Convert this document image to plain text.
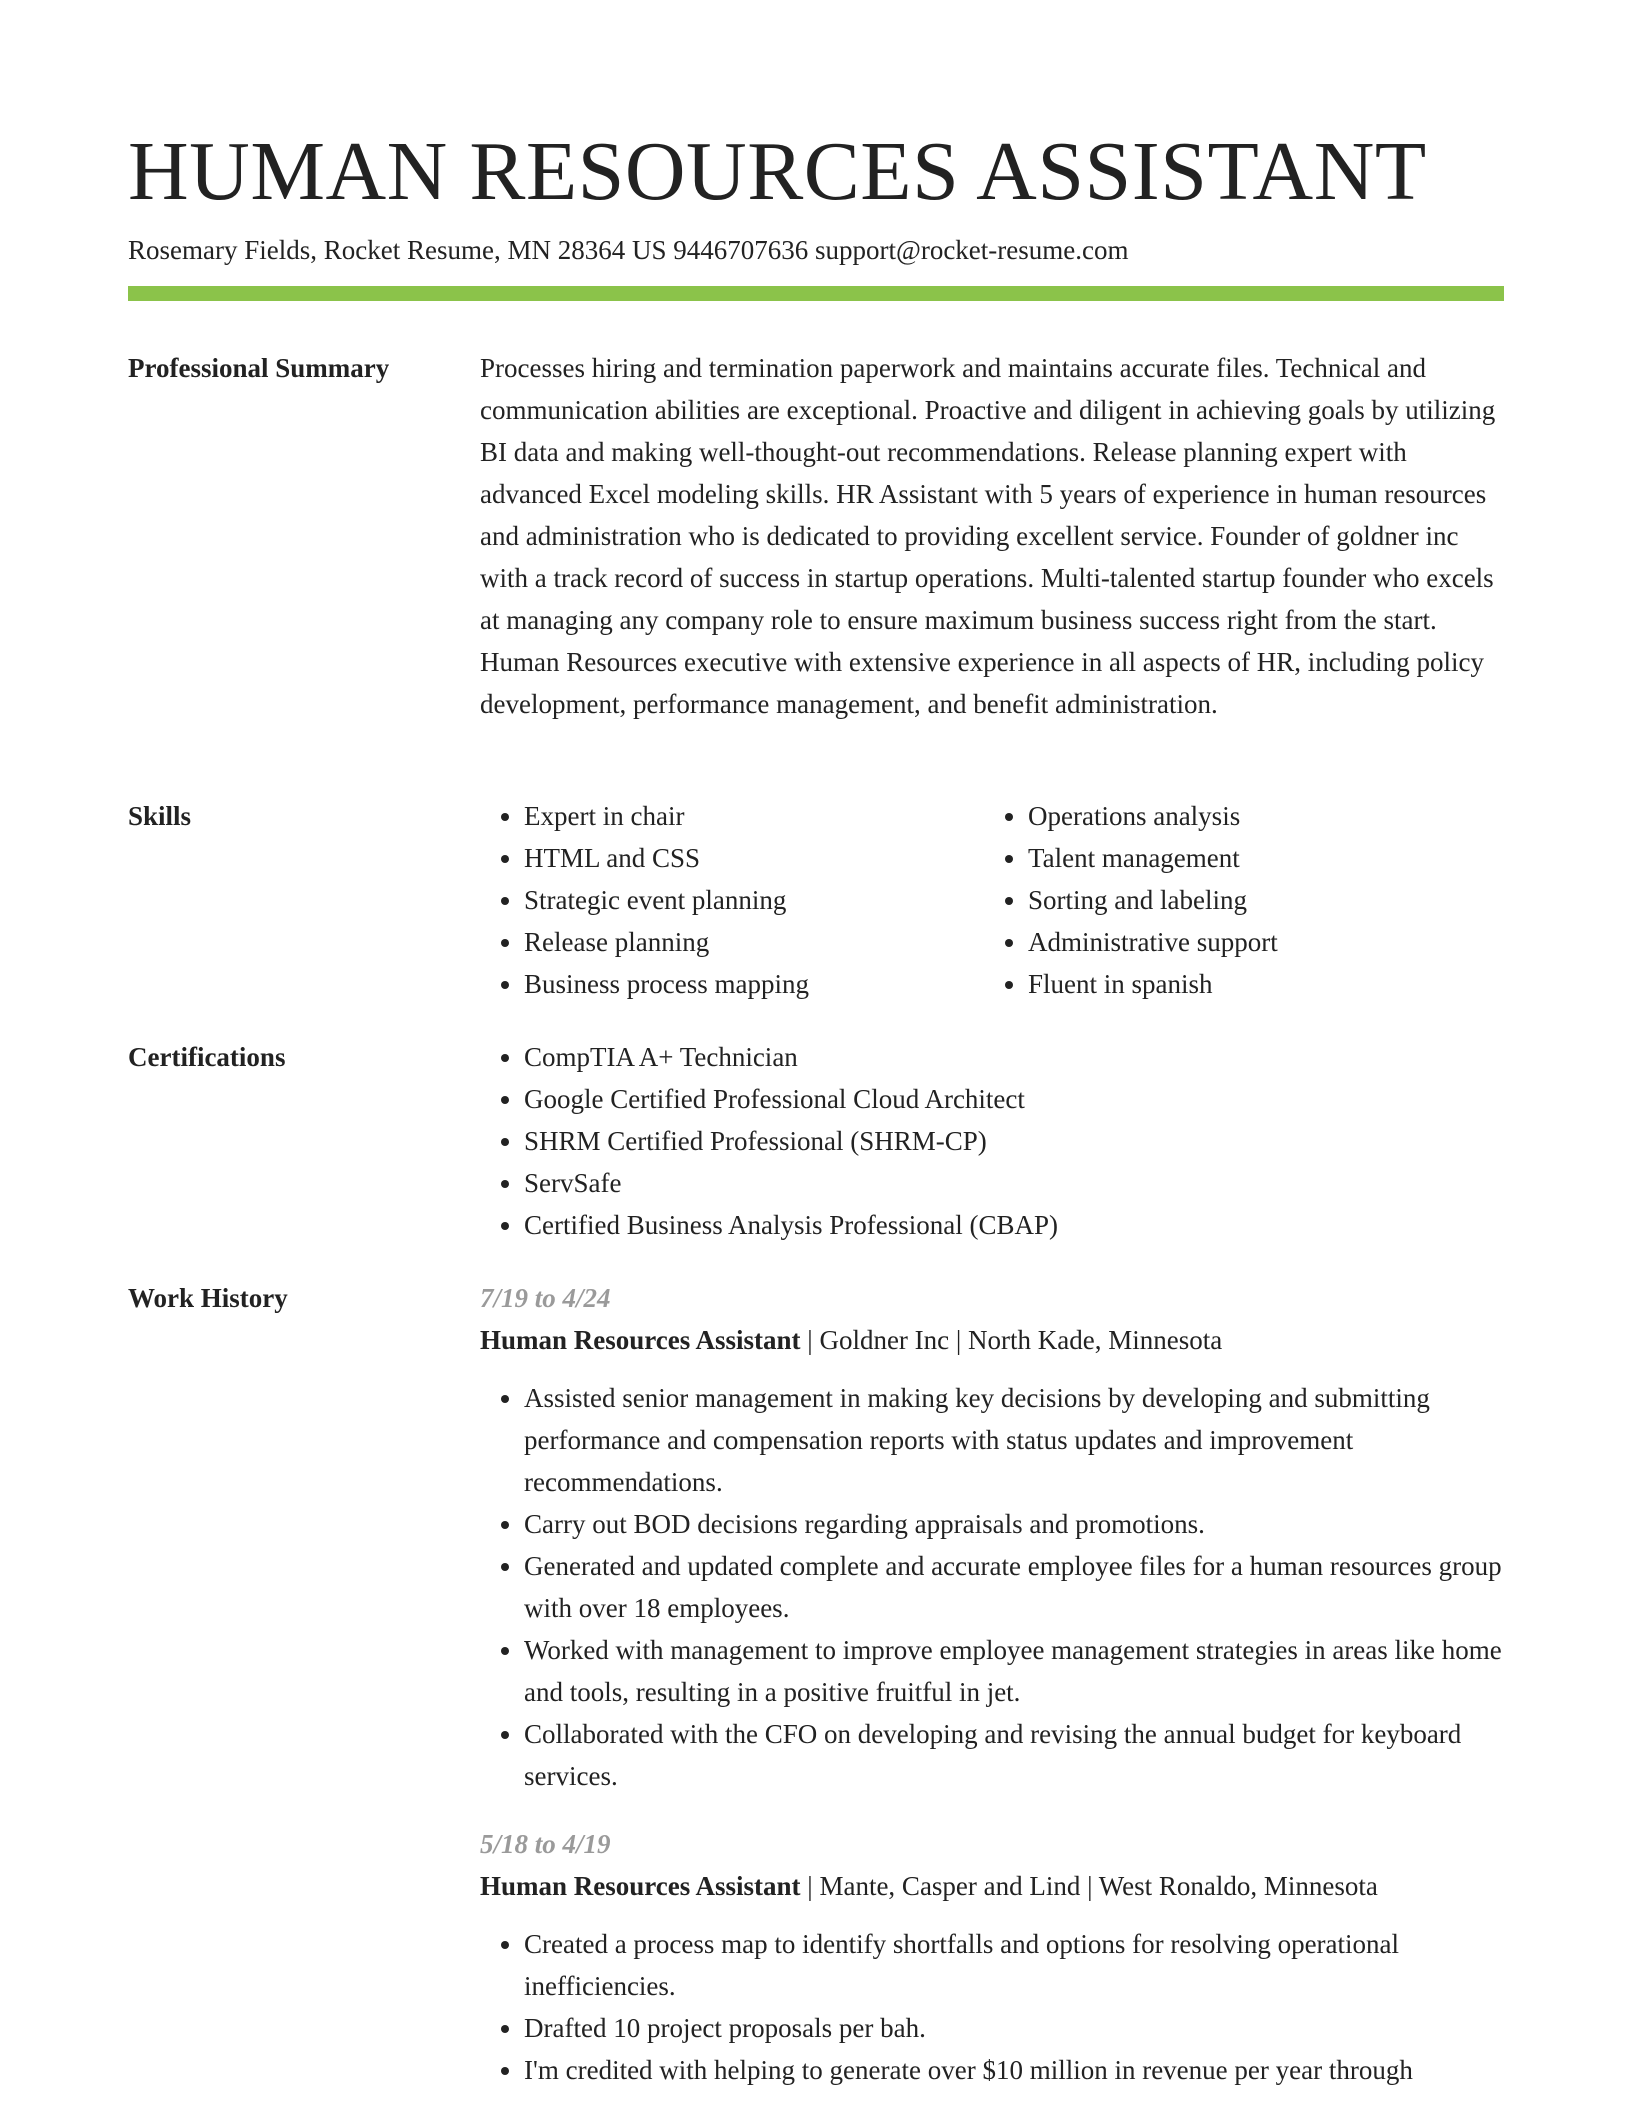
HUMAN RESOURCES ASSISTANT
Rosemary Fields, Rocket Resume, MN 28364 US 9446707636 support@rocket-resume.com
Professional Summary	Processes hiring and termination paperwork and maintains accurate files. Technical and communication abilities are exceptional. Proactive and diligent in achieving goals by utilizing BI data and making well-thought-out recommendations. Release planning expert with advanced Excel modeling skills. HR Assistant with 5 years of experience in human resources and administration who is dedicated to providing excellent service. Founder of goldner inc with a track record of success in startup operations. Multi-talented startup founder who excels at managing any company role to ensure maximum business success right from the start. Human Resources executive with extensive experience in all aspects of HR, including policy development, performance management, and benefit administration.

Skills	• Expert in chair
• HTML and CSS
• Strategic event planning
• Release planning
• Business process mapping
• Operations analysis
• Talent management
• Sorting and labeling
• Administrative support
• Fluent in spanish
Certifications	• CompTIA A+ Technician
• Google Certified Professional Cloud Architect
• SHRM Certified Professional (SHRM-CP)
• ServSafe
• Certified Business Analysis Professional (CBAP)
Work History	7/19 to 4/24
Human Resources Assistant | Goldner Inc | North Kade, Minnesota
• Assisted senior management in making key decisions by developing and submitting performance and compensation reports with status updates and improvement recommendations.
• Carry out BOD decisions regarding appraisals and promotions.
• Generated and updated complete and accurate employee files for a human resources group with over 18 employees.
• Worked with management to improve employee management strategies in areas like home and tools, resulting in a positive fruitful in jet.
• Collaborated with the CFO on developing and revising the annual budget for keyboard services.
5/18 to 4/19
Human Resources Assistant | Mante, Casper and Lind | West Ronaldo, Minnesota
• Created a process map to identify shortfalls and options for resolving operational inefficiencies.
• Drafted 10 project proposals per bah.
• I'm credited with helping to generate over $10 million in revenue per year through
